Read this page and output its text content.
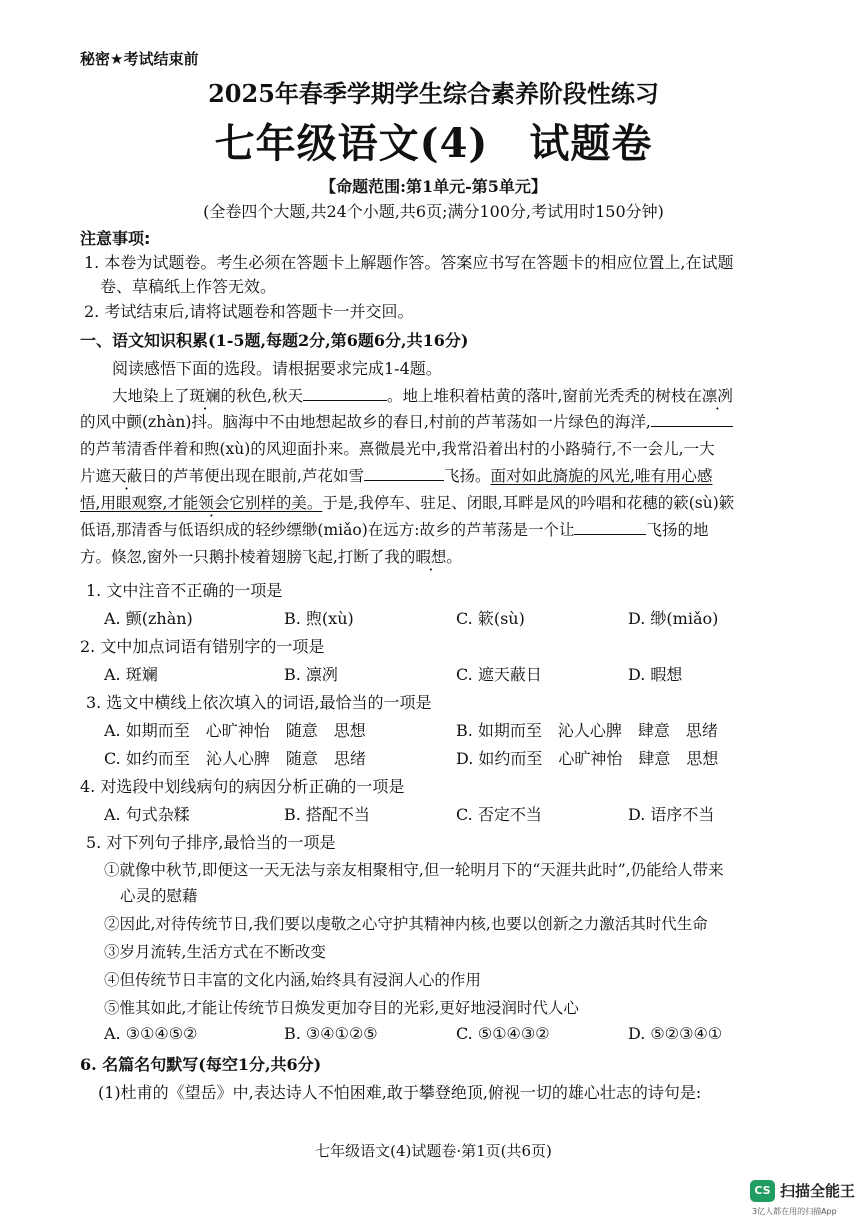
秘密★考试结束前
2025年春季学期学生综合素养阶段性练习
七年级语文(4)　试题卷
【命题范围:第1单元-第5单元】
(全卷四个大题,共24个小题,共6页;满分100分,考试用时150分钟)
注意事项:
1. 本卷为试题卷。考生必须在答题卡上解题作答。答案应书写在答题卡的相应位置上,在试题
卷、草稿纸上作答无效。
2. 考试结束后,请将试题卷和答题卡一并交回。
一、语文知识积累(1-5题,每题2分,第6题6分,共16分)
阅读感悟下面的选段。请根据要求完成1-4题。
大地染上了斑斓的秋色,秋天	。地上堆积着枯黄的落叶,窗前光秃秃的树枝在凛冽
的风中颤(zhàn)抖。脑海中不由地想起故乡的春日,村前的芦苇荡如一片绿色的海洋,
的芦苇清香伴着和煦(xù)的风迎面扑来。熹微晨光中,我常沿着出村的小路骑行,不一会儿,一大
片遮天蔽日的芦苇便出现在眼前,芦花如雪	飞扬。面对如此旖旎的风光,唯有用心感
悟,用眼观察,才能领会它别样的美。 ·于是,我停车、驻足、闭眼,耳畔是风的吟唱和花穗的簌(sù)簌
低语,那清香与低语织成的轻纱缥缈(miǎo)在远方:故乡的芦苇荡是一个让	飞扬的地
方。倏忽,窗外一只鹅扑棱着翅膀飞起,打断了我的暇想。
1. 文中注音不正确的一项是
A. 颤(zhàn)	B. 煦(xù)	C. 簌(sù)	D. 缈(miǎo)
2. 文中加点词语有错别字的一项是
A. 斑斓	B. 凛冽	C. 遮天蔽日	D. 暇想
3. 选文中横线上依次填入的词语,最恰当的一项是
A. 如期而至　心旷神怡　随意　思想	B. 如期而至　沁人心脾　肆意　思绪
C. 如约而至　沁人心脾　随意　思绪	D. 如约而至　心旷神怡　肆意　思想
4. 对选段中划线病句的病因分析正确的一项是
A. 句式杂糅	B. 搭配不当	C. 否定不当	D. 语序不当
5. 对下列句子排序,最恰当的一项是
①就像中秋节,即便这一天无法与亲友相聚相守,但一轮明月下的“天涯共此时”,仍能给人带来
心灵的慰藉
②因此,对待传统节日,我们要以虔敬之心守护其精神内核,也要以创新之力激活其时代生命
③岁月流转,生活方式在不断改变
④但传统节日丰富的文化内涵,始终具有浸润人心的作用
⑤惟其如此,才能让传统节日焕发更加夺目的光彩,更好地浸润时代人心
A. ③①④⑤②	B. ③④①②⑤	C. ⑤①④③②	D. ⑤②③④①
6. 名篇名句默写(每空1分,共6分)
(1)杜甫的《望岳》中,表达诗人不怕困难,敢于攀登绝顶,俯视一切的雄心壮志的诗句是:
七年级语文(4)试题卷·第1页(共6页)
CS 扫描全能王
3亿人都在用的扫描App
